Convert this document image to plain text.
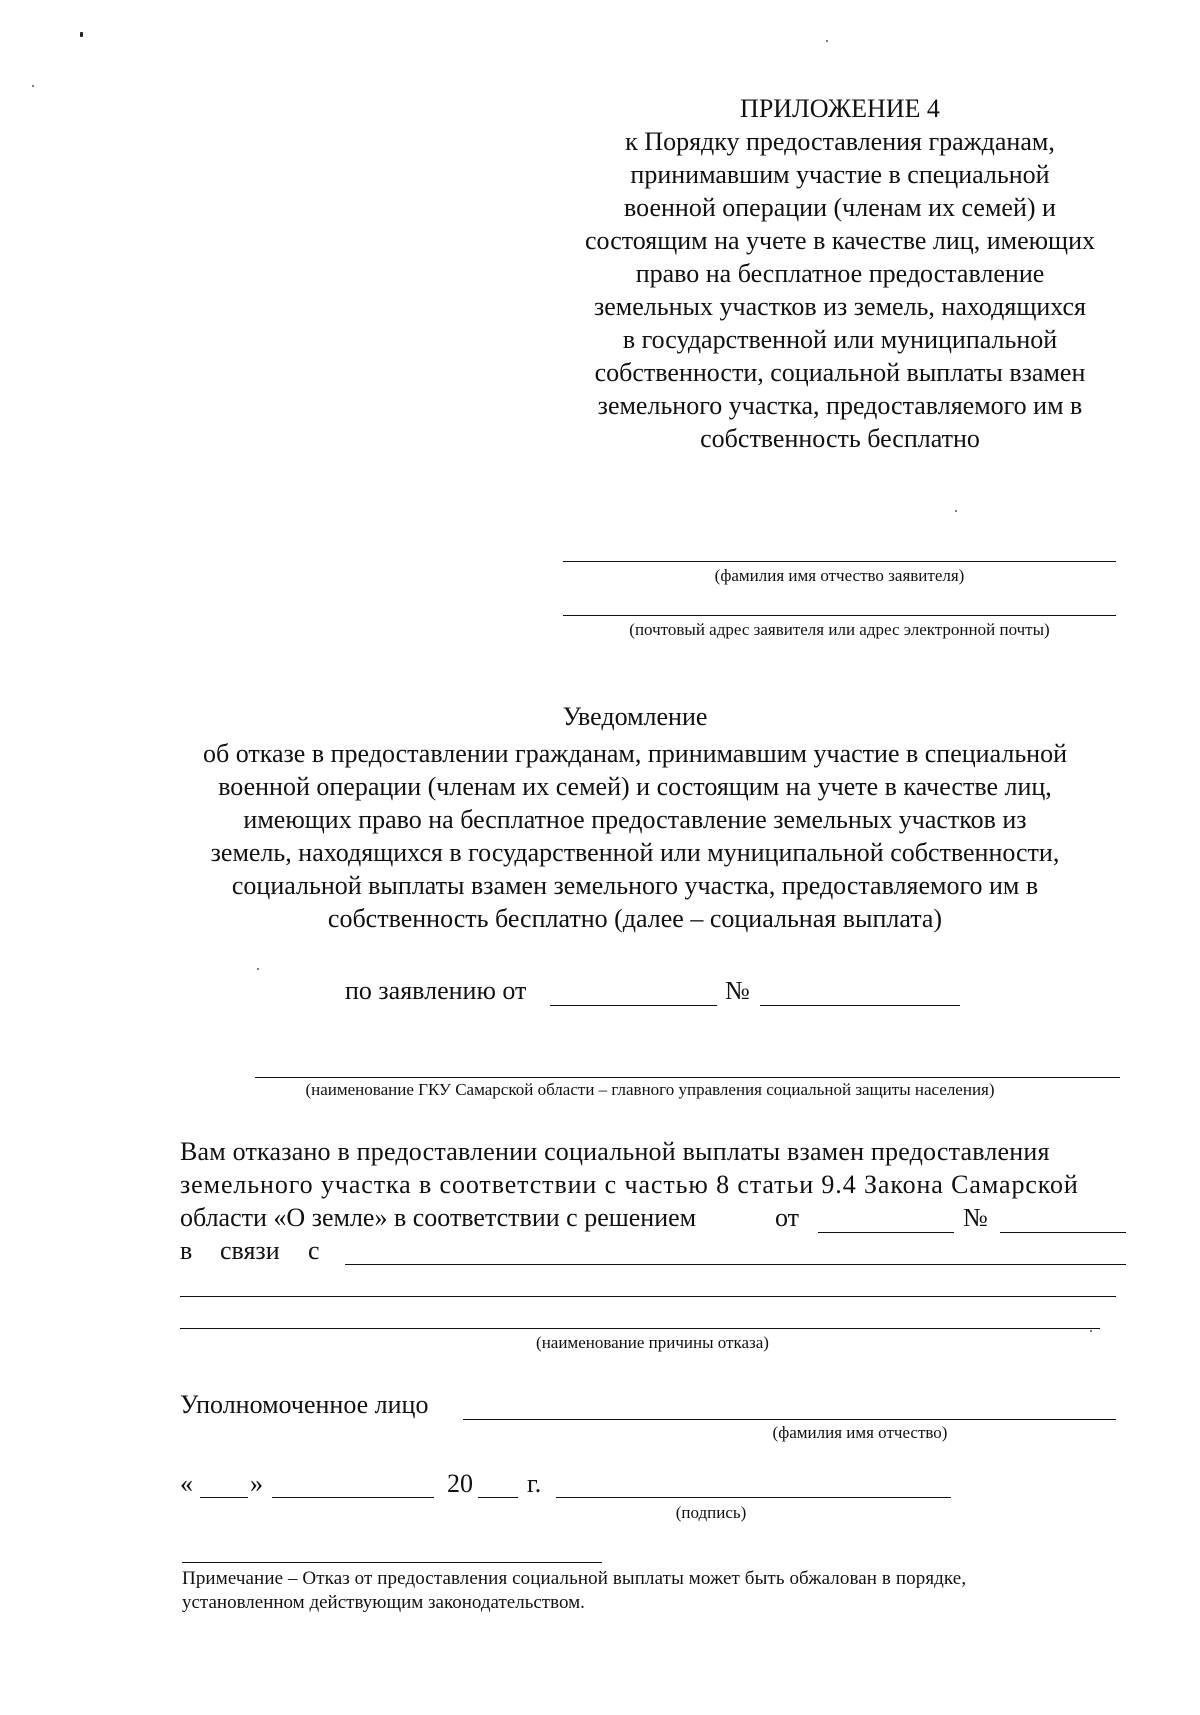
ПРИЛОЖЕНИЕ 4
к Порядку предоставления гражданам,
принимавшим участие в специальной
военной операции (членам их семей) и
состоящим на учете в качестве лиц, имеющих
право на бесплатное предоставление
земельных участков из земель, находящихся
в государственной или муниципальной
собственности, социальной выплаты взамен
земельного участка, предоставляемого им в
собственность бесплатно
(фамилия имя отчество заявителя)
(почтовый адрес заявителя или адрес электронной почты)
Уведомление
об отказе в предоставлении гражданам, принимавшим участие в специальной
военной операции (членам их семей) и состоящим на учете в качестве лиц,
имеющих право на бесплатное предоставление земельных участков из
земель, находящихся в государственной или муниципальной собственности,
социальной выплаты взамен земельного участка, предоставляемого им в
собственность бесплатно (далее – социальная выплата)
по заявлению от	№
(наименование ГКУ Самарской области – главного управления социальной защиты населения)
Вам отказано в предоставлении социальной выплаты взамен предоставления
земельного участка в соответствии с частью 8 статьи 9.4 Закона Самарской
области «О земле» в соответствии с решением	от	№
в связи с
(наименование причины отказа)
Уполномоченное лицо
(фамилия имя отчество)
« »	20 г.
(подпись)
Примечание – Отказ от предоставления социальной выплаты может быть обжалован в порядке,
установленном действующим законодательством.
